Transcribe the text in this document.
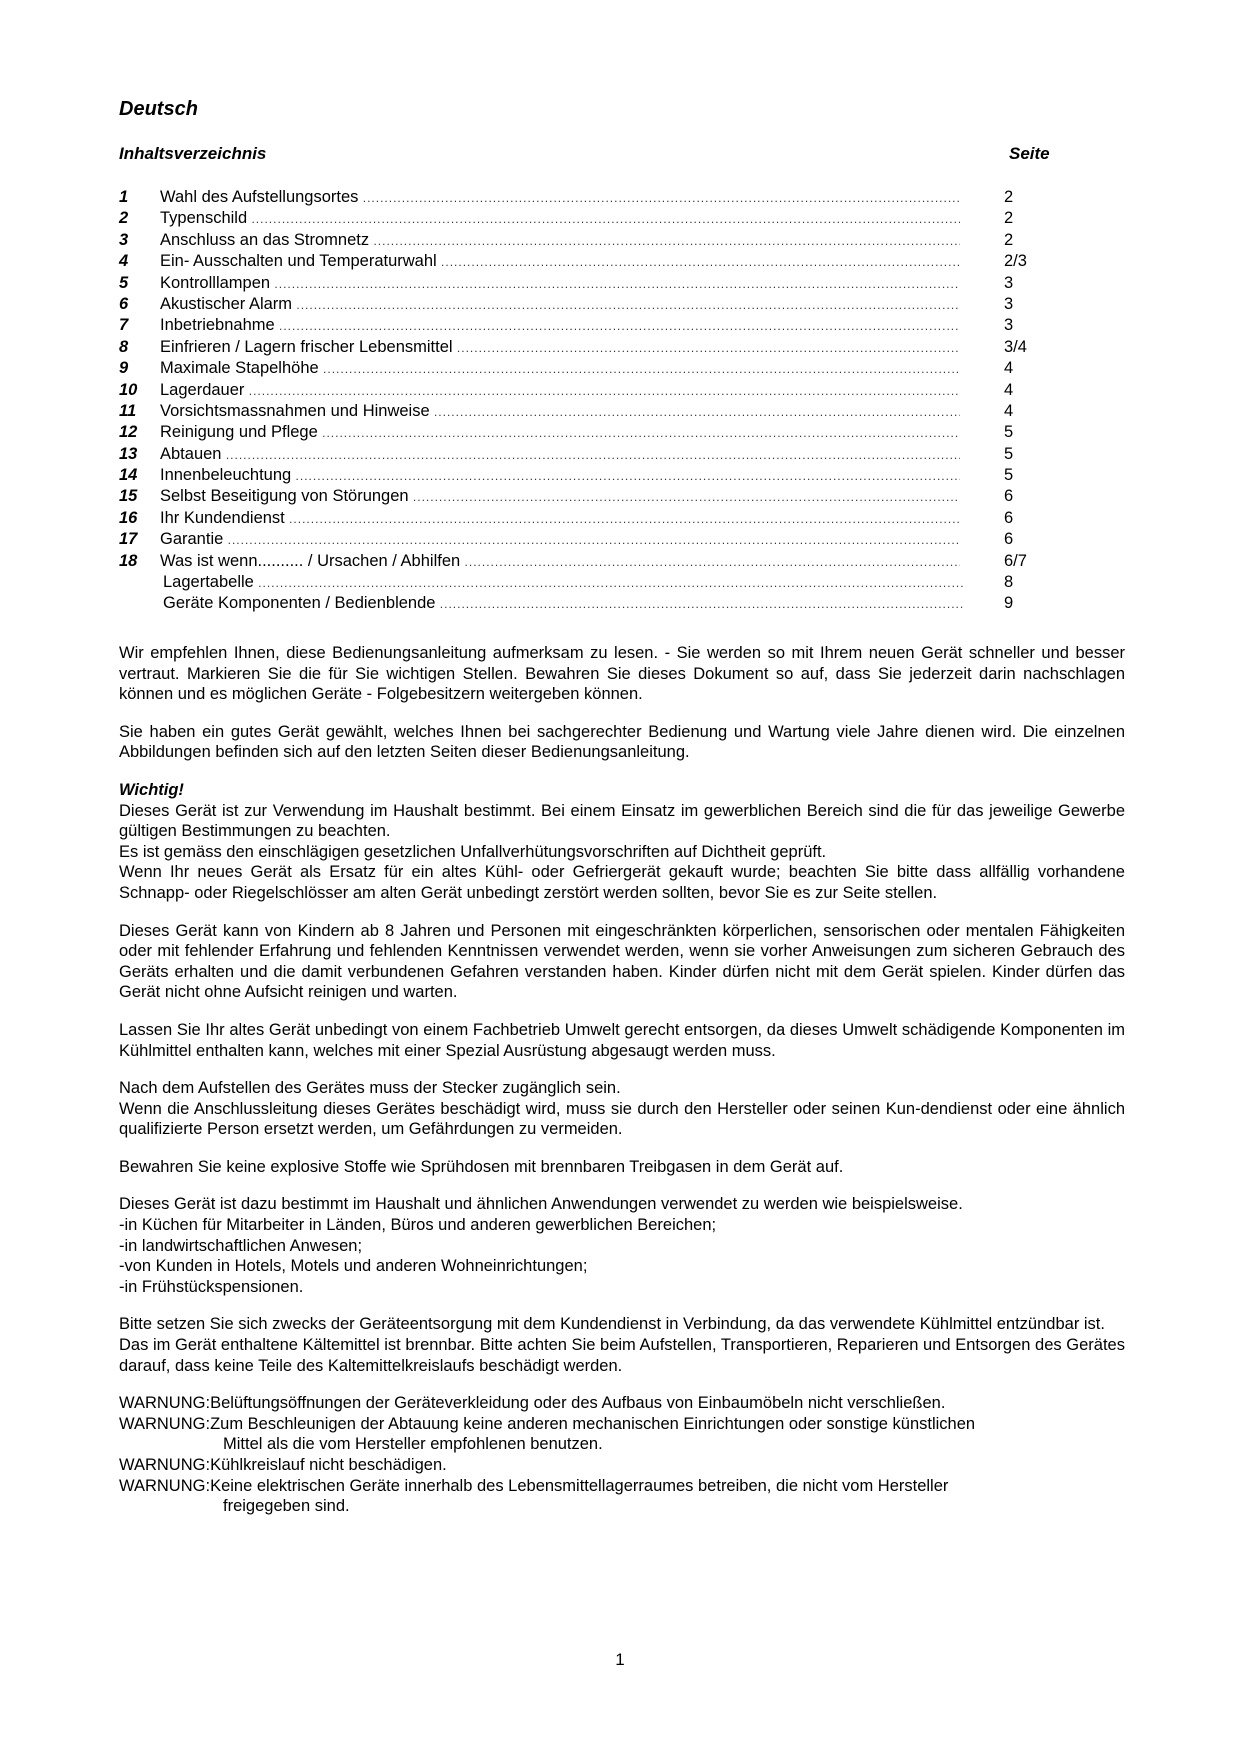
Deutsch
Inhaltsverzeichnis	Seite
1	Wahl des Aufstellungsortes .....	2
2	Typenschild .....	2
3	Anschluss an das Stromnetz .....	2
4	Ein- Ausschalten und Temperaturwahl .....	2/3
5	Kontrolllampen .....	3
6	Akustischer Alarm .....	3
7	Inbetriebnahme .....	3
8	Einfrieren / Lagern frischer Lebensmittel .....	3/4
9	Maximale Stapelhöhe .....	4
10	Lagerdauer .....	4
11	Vorsichtsmassnahmen und Hinweise .....	4
12	Reinigung und Pflege .....	5
13	Abtauen .....	5
14	Innenbeleuchtung .....	5
15	Selbst Beseitigung von Störungen .....	6
16	Ihr Kundendienst .....	6
17	Garantie .....	6
18	Was ist wenn.......... / Ursachen / Abhilfen .....	6/7
Lagertabelle .....	8
Geräte Komponenten / Bedienblende .....	9

Wir empfehlen Ihnen, diese Bedienungsanleitung aufmerksam zu lesen. - Sie werden so mit Ihrem neuen Gerät schneller und besser vertraut. Markieren Sie die für Sie wichtigen Stellen. Bewahren Sie dieses Dokument so auf, dass Sie jederzeit darin nachschlagen können und es möglichen Geräte - Folgebesitzern weitergeben können.

Sie haben ein gutes Gerät gewählt, welches Ihnen bei sachgerechter Bedienung und Wartung viele Jahre dienen wird. Die einzelnen Abbildungen befinden sich auf den letzten Seiten dieser Bedienungsanleitung.

Wichtig!

Dieses Gerät ist zur Verwendung im Haushalt bestimmt. Bei einem Einsatz im gewerblichen Bereich sind die für das jeweilige Gewerbe gültigen Bestimmungen zu beachten.

Es ist gemäss den einschlägigen gesetzlichen Unfallverhütungsvorschriften auf Dichtheit geprüft.

Wenn Ihr neues Gerät als Ersatz für ein altes Kühl- oder Gefriergerät gekauft wurde; beachten Sie bitte dass allfällig vorhandene Schnapp- oder Riegelschlösser am alten Gerät unbedingt zerstört werden sollten, bevor Sie es zur Seite stellen.

Dieses Gerät kann von Kindern ab 8 Jahren und Personen mit eingeschränkten körperlichen, sensorischen oder mentalen Fähigkeiten oder mit fehlender Erfahrung und fehlenden Kenntnissen verwendet werden, wenn sie vorher Anweisungen zum sicheren Gebrauch des Geräts erhalten und die damit verbundenen Gefahren verstanden haben. Kinder dürfen nicht mit dem Gerät spielen. Kinder dürfen das Gerät nicht ohne Aufsicht reinigen und warten.

Lassen Sie Ihr altes Gerät unbedingt von einem Fachbetrieb Umwelt gerecht entsorgen, da dieses Umwelt schädigende Komponenten im Kühlmittel enthalten kann, welches mit einer Spezial Ausrüstung abgesaugt werden muss.

Nach dem Aufstellen des Gerätes muss der Stecker zugänglich sein.

Wenn die Anschlussleitung dieses Gerätes beschädigt wird, muss sie durch den Hersteller oder seinen Kun-dendienst oder eine ähnlich qualifizierte Person ersetzt werden, um Gefährdungen zu vermeiden.

Bewahren Sie keine explosive Stoffe wie Sprühdosen mit brennbaren Treibgasen in dem Gerät auf.

Dieses Gerät ist dazu bestimmt im Haushalt und ähnlichen Anwendungen verwendet zu werden wie beispielsweise.

-in Küchen für Mitarbeiter in Länden, Büros und anderen gewerblichen Bereichen;

-in landwirtschaftlichen Anwesen;

-von Kunden in Hotels, Motels und anderen Wohneinrichtungen;

-in Frühstückspensionen.

Bitte setzen Sie sich zwecks der Geräteentsorgung mit dem Kundendienst in Verbindung, da das verwendete Kühlmittel entzündbar ist.

Das im Gerät enthaltene Kältemittel ist brennbar. Bitte achten Sie beim Aufstellen, Transportieren, Reparieren und Entsorgen des Gerätes darauf, dass keine Teile des Kaltemittelkreislaufs beschädigt werden.

WARNUNG: Belüftungsöffnungen der Geräteverkleidung oder des Aufbaus von Einbaumöbeln nicht verschließen.

WARNUNG: Zum Beschleunigen der Abtauung keine anderen mechanischen Einrichtungen oder sonstige künstlichen

Mittel als die vom Hersteller empfohlenen benutzen.

WARNUNG: Kühlkreislauf nicht beschädigen.

WARNUNG: Keine elektrischen Geräte innerhalb des Lebensmittellagerraumes betreiben, die nicht vom Hersteller

freigegeben sind.

1
